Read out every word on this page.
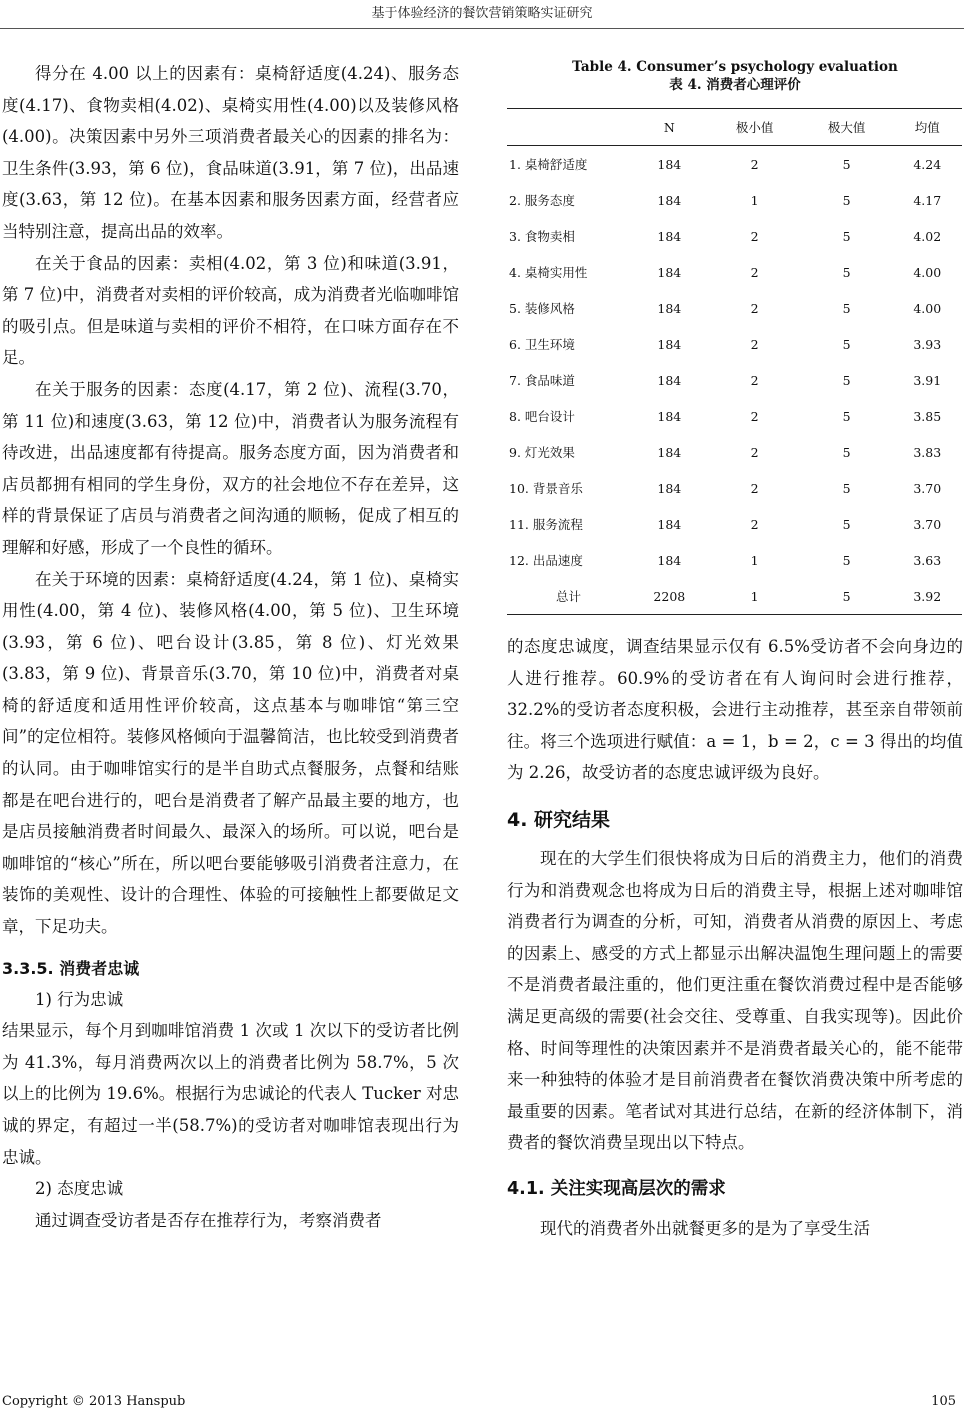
基于体验经济的餐饮营销策略实证研究

得分在 4.00 以上的因素有：桌椅舒适度(4.24)、服务态度(4.17)、食物卖相(4.02)、桌椅实用性(4.00)以及装修风格(4.00)。决策因素中另外三项消费者最关心的因素的排名为：卫生条件(3.93，第 6 位)，食品味道(3.91，第 7 位)，出品速度(3.63，第 12 位)。在基本因素和服务因素方面，经营者应当特别注意，提高出品的效率。

在关于食品的因素：卖相(4.02，第 3 位)和味道(3.91，第 7 位)中，消费者对卖相的评价较高，成为消费者光临咖啡馆的吸引点。但是味道与卖相的评价不相符，在口味方面存在不足。

在关于服务的因素：态度(4.17，第 2 位)、流程(3.70，第 11 位)和速度(3.63，第 12 位)中，消费者认为服务流程有待改进，出品速度都有待提高。服务态度方面，因为消费者和店员都拥有相同的学生身份，双方的社会地位不存在差异，这样的背景保证了店员与消费者之间沟通的顺畅，促成了相互的理解和好感，形成了一个良性的循环。

在关于环境的因素：桌椅舒适度(4.24，第 1 位)、桌椅实用性(4.00，第 4 位)、装修风格(4.00，第 5 位)、卫生环境(3.93，第 6 位)、吧台设计(3.85，第 8 位)、灯光效果(3.83，第 9 位)、背景音乐(3.70，第 10 位)中，消费者对桌椅的舒适度和适用性评价较高，这点基本与咖啡馆“第三空间”的定位相符。装修风格倾向于温馨简洁，也比较受到消费者的认同。由于咖啡馆实行的是半自助式点餐服务，点餐和结账都是在吧台进行的，吧台是消费者了解产品最主要的地方，也是店员接触消费者时间最久、最深入的场所。可以说，吧台是咖啡馆的“核心”所在，所以吧台要能够吸引消费者注意力，在装饰的美观性、设计的合理性、体验的可接触性上都要做足文章，下足功夫。

3.3.5. 消费者忠诚
1) 行为忠诚

结果显示，每个月到咖啡馆消费 1 次或 1 次以下的受访者比例为 41.3%，每月消费两次以上的消费者比例为 58.7%，5 次以上的比例为 19.6%。根据行为忠诚论的代表人 Tucker 对忠诚的界定，有超过一半(58.7%)的受访者对咖啡馆表现出行为忠诚。

2) 态度忠诚

通过调查受访者是否存在推荐行为，考察消费者

Table 4. Consumer’s psychology evaluation
表 4. 消费者心理评价
	N	极小值	极大值	均值
1. 桌椅舒适度	184	2	5	4.24
2. 服务态度	184	1	5	4.17
3. 食物卖相	184	2	5	4.02
4. 桌椅实用性	184	2	5	4.00
5. 装修风格	184	2	5	4.00
6. 卫生环境	184	2	5	3.93
7. 食品味道	184	2	5	3.91
8. 吧台设计	184	2	5	3.85
9. 灯光效果	184	2	5	3.83
10. 背景音乐	184	2	5	3.70
11. 服务流程	184	2	5	3.70
12. 出品速度	184	1	5	3.63
总计	2208	1	5	3.92

的态度忠诚度，调查结果显示仅有 6.5%受访者不会向身边的人进行推荐。60.9%的受访者在有人询问时会进行推荐，32.2%的受访者态度积极，会进行主动推荐，甚至亲自带领前往。将三个选项进行赋值：a = 1，b = 2，c = 3 得出的均值为 2.26，故受访者的态度忠诚评级为良好。

4. 研究结果

现在的大学生们很快将成为日后的消费主力，他们的消费行为和消费观念也将成为日后的消费主导，根据上述对咖啡馆消费者行为调查的分析，可知，消费者从消费的原因上、考虑的因素上、感受的方式上都显示出解决温饱生理问题上的需要不是消费者最注重的，他们更注重在餐饮消费过程中是否能够满足更高级的需要(社会交往、受尊重、自我实现等)。因此价格、时间等理性的决策因素并不是消费者最关心的，能不能带来一种独特的体验才是目前消费者在餐饮消费决策中所考虑的最重要的因素。笔者试对其进行总结，在新的经济体制下，消费者的餐饮消费呈现出以下特点。

4.1. 关注实现高层次的需求

现代的消费者外出就餐更多的是为了享受生活

Copyright © 2013 Hanspub	105
